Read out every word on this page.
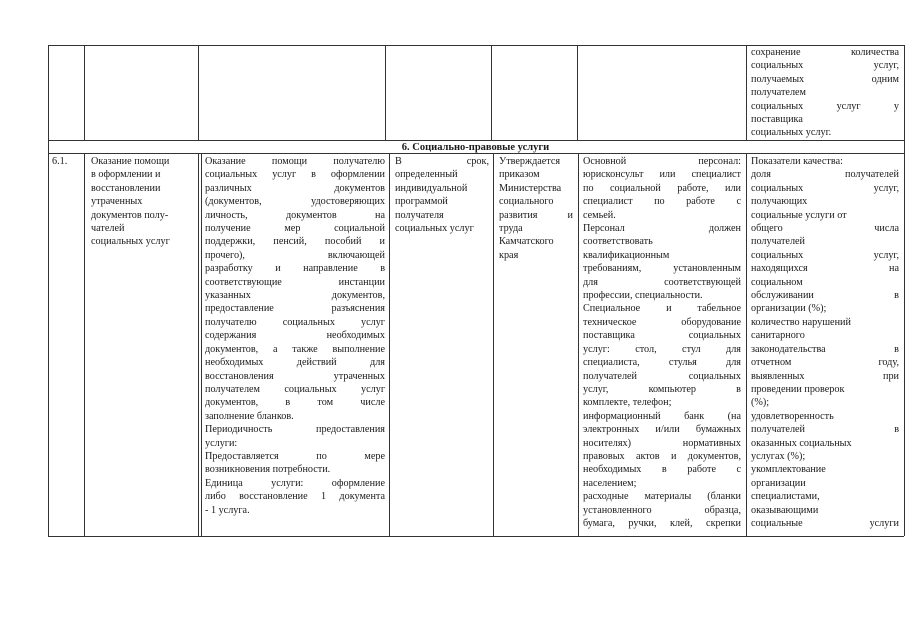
сохранение количества
социальных услуг,
получаемых одним
получателем
социальных услуг у
поставщика
социальных услуг.
6. Социально-правовые услуги
6.1.	Оказание помощи
в оформлении и
восстановлении
утраченных
документов полу-
чателей
социальных услуг
Оказание помощи получателю
социальных услуг в оформлении
различных документов
(документов, удостоверяющих
личность, документов на
получение мер социальной
поддержки, пенсий, пособий и
прочего), включающей
разработку и направление в
соответствующие инстанции
указанных документов,
предоставление разъяснения
получателю социальных услуг
содержания необходимых
документов, а также выполнение
необходимых действий для
восстановления утраченных
получателем социальных услуг
документов, в том числе
заполнение бланков.
Периодичность предоставления
услуги:
Предоставляется по мере
возникновения потребности.
Единица услуги: оформление
либо восстановление 1 документа
- 1 услуга.
В срок,
определенный
индивидуальной
программой
получателя
социальных услуг
Утверждается
приказом
Министерства
социального
развития и
труда
Камчатского
края
Основной персонал:
юрисконсульт или специалист
по социальной работе, или
специалист по работе с
семьей.
Персонал должен
соответствовать
квалификационным
требованиям, установленным
для соответствующей
профессии, специальности.
Специальное и табельное
техническое оборудование
поставщика социальных
услуг: стол, стул для
специалиста, стулья для
получателей социальных
услуг, компьютер в
комплекте, телефон;
информационный банк (на
электронных и/или бумажных
носителях) нормативных
правовых актов и документов,
необходимых в работе с
населением;
расходные материалы (бланки
установленного образца,
бумага, ручки, клей, скрепки
Показатели качества:
доля получателей
социальных услуг,
получающих
социальные услуги от
общего числа
получателей
социальных услуг,
находящихся на
социальном
обслуживании в
организации (%);
количество нарушений
санитарного
законодательства в
отчетном году,
выявленных при
проведении проверок
(%);
удовлетворенность
получателей в
оказанных социальных
услугах (%);
укомплектование
организации
специалистами,
оказывающими
социальные услуги
